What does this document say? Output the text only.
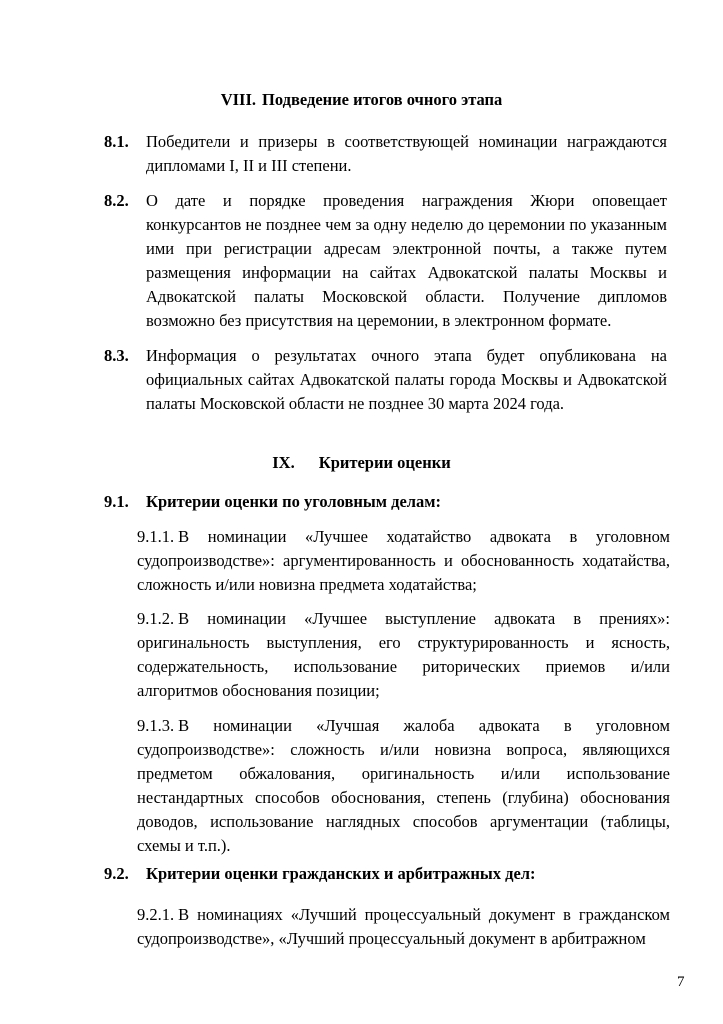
VIII. Подведение итогов очного этапа
8.1.	Победители и призеры в соответствующей номинации награждаются дипломами I, II и III степени.
8.2.	О дате и порядке проведения награждения Жюри оповещает конкурсантов не позднее чем за одну неделю до церемонии по указанным ими при регистрации адресам электронной почты, а также путем размещения информации на сайтах Адвокатской палаты Москвы и Адвокатской палаты Московской области. Получение дипломов возможно без присутствия на церемонии, в электронном формате.
8.3.	Информация о результатах очного этапа будет опубликована на официальных сайтах Адвокатской палаты города Москвы и Адвокатской палаты Московской области не позднее 30 марта 2024 года.
IX. Критерии оценки
9.1.	Критерии оценки по уголовным делам:
9.1.1. В номинации «Лучшее ходатайство адвоката в уголовном судопроизводстве»: аргументированность и обоснованность ходатайства, сложность и/или новизна предмета ходатайства;
9.1.2. В номинации «Лучшее выступление адвоката в прениях»: оригинальность выступления, его структурированность и ясность, содержательность, использование риторических приемов и/или алгоритмов обоснования позиции;
9.1.3. В номинации «Лучшая жалоба адвоката в уголовном судопроизводстве»: сложность и/или новизна вопроса, являющихся предметом обжалования, оригинальность и/или использование нестандартных способов обоснования, степень (глубина) обоснования доводов, использование наглядных способов аргументации (таблицы, схемы и т.п.).
9.2.	Критерии оценки гражданских и арбитражных дел:
9.2.1. В номинациях «Лучший процессуальный документ в гражданском судопроизводстве», «Лучший процессуальный документ в арбитражном
7
